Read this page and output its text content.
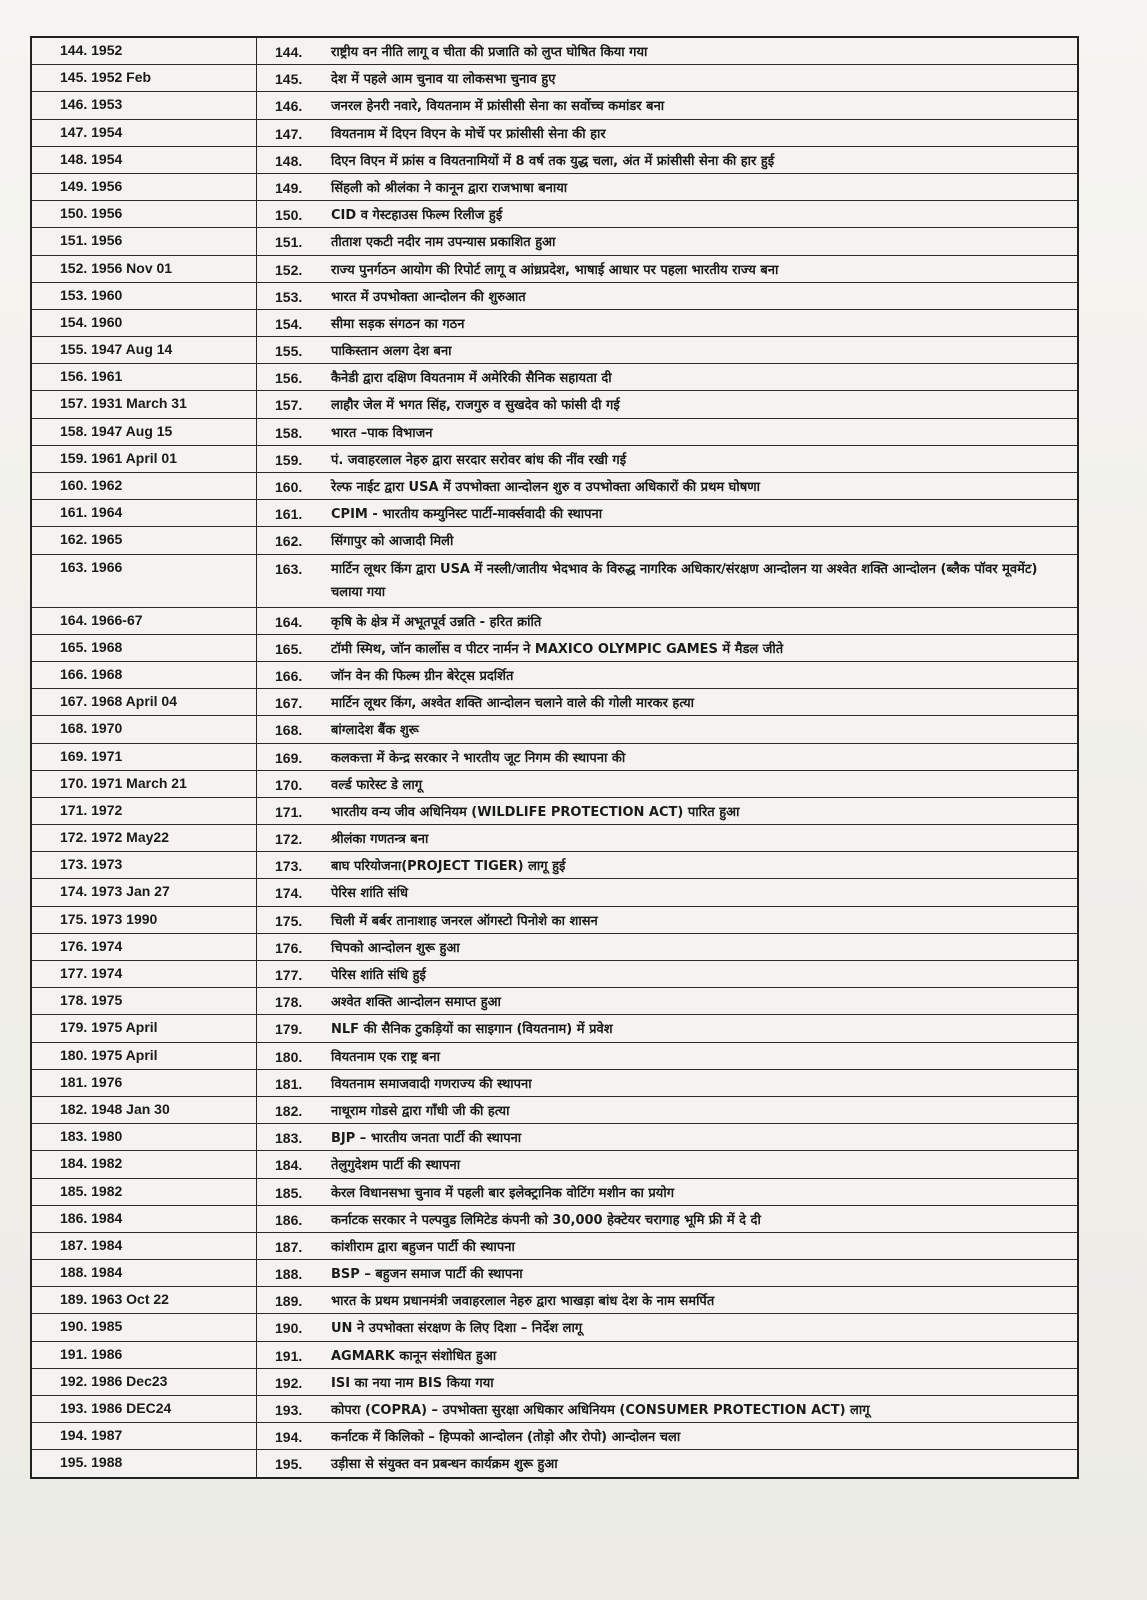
144. 1952	144.	राष्ट्रीय वन नीति लागू व चीता की प्रजाति को लुप्त घोषित किया गया
145. 1952 Feb	145.	देश में पहले आम चुनाव या लोकसभा चुनाव हुए
146. 1953	146.	जनरल हेनरी नवारे, वियतनाम में फ्रांसीसी सेना का सर्वोच्च कमांडर बना
147. 1954	147.	वियतनाम में दिएन विएन के मोर्चे पर फ्रांसीसी सेना की हार
148. 1954	148.	दिएन विएन में फ्रांस व वियतनामियों में 8 वर्ष तक युद्ध चला, अंत में फ्रांसीसी सेना की हार हुई
149. 1956	149.	सिंहली को श्रीलंका ने कानून द्वारा राजभाषा बनाया
150. 1956	150.	CID व गेस्टहाउस फिल्म रिलीज हुई
151. 1956	151.	तीताश एकटी नदीर नाम उपन्यास प्रकाशित हुआ
152. 1956 Nov 01	152.	राज्य पुनर्गठन आयोग की रिपोर्ट लागू व आंध्रप्रदेश, भाषाई आधार पर पहला भारतीय राज्य बना
153. 1960	153.	भारत में उपभोक्ता आन्दोलन की शुरुआत
154. 1960	154.	सीमा सड़क संगठन का गठन
155. 1947 Aug 14	155.	पाकिस्तान अलग देश बना
156. 1961	156.	कैनेडी द्वारा दक्षिण वियतनाम में अमेरिकी सैनिक सहायता दी
157. 1931 March 31	157.	लाहौर जेल में भगत सिंह, राजगुरु व सुखदेव को फांसी दी गई
158. 1947 Aug 15	158.	भारत –पाक विभाजन
159. 1961 April 01	159.	पं. जवाहरलाल नेहरु द्वारा सरदार सरोवर बांध की नींव रखी गई
160. 1962	160.	रेल्फ नाईट द्वारा USA में उपभोक्ता आन्दोलन शुरु व उपभोक्ता अधिकारों की प्रथम घोषणा
161. 1964	161.	CPIM - भारतीय कम्युनिस्ट पार्टी-मार्क्सवादी की स्थापना
162. 1965	162.	सिंगापुर को आजादी मिली
163. 1966	163.	मार्टिन लूथर किंग द्वारा USA में नस्ली/जातीय भेदभाव के विरुद्ध नागरिक अधिकार/संरक्षण आन्दोलन या अश्वेत शक्ति आन्दोलन (ब्लैक पॉवर मूवमेंट) चलाया गया
164. 1966-67	164.	कृषि के क्षेत्र में अभूतपूर्व उन्नति - हरित क्रांति
165. 1968	165.	टॉमी स्मिथ, जॉन कार्लोस व पीटर नार्मन ने MAXICO OLYMPIC GAMES में मैडल जीते
166. 1968	166.	जॉन वेन की फिल्म ग्रीन बेरेट्स प्रदर्शित
167. 1968 April 04	167.	मार्टिन लूथर किंग, अश्वेत शक्ति आन्दोलन चलाने वाले की गोली मारकर हत्या
168. 1970	168.	बांग्लादेश बैंक शुरू
169. 1971	169.	कलकत्ता में केन्द्र सरकार ने भारतीय जूट निगम की स्थापना की
170. 1971 March 21	170.	वर्ल्ड फारेस्ट डे लागू
171. 1972	171.	भारतीय वन्य जीव अधिनियम (WILDLIFE PROTECTION ACT) पारित हुआ
172. 1972 May22	172.	श्रीलंका गणतन्त्र बना
173. 1973	173.	बाघ परियोजना(PROJECT TIGER) लागू हुई
174. 1973 Jan 27	174.	पेरिस शांति संधि
175. 1973 1990	175.	चिली में बर्बर तानाशाह जनरल ऑगस्टो पिनोशे का शासन
176. 1974	176.	चिपको आन्दोलन शुरू हुआ
177. 1974	177.	पेरिस शांति संधि हुई
178. 1975	178.	अश्वेत शक्ति आन्दोलन समाप्त हुआ
179. 1975 April	179.	NLF की सैनिक टुकड़ियों का साइगान (वियतनाम) में प्रवेश
180. 1975 April	180.	वियतनाम एक राष्ट्र बना
181. 1976	181.	वियतनाम समाजवादी गणराज्य की स्थापना
182. 1948 Jan 30	182.	नाथूराम गोडसे द्वारा गाँधी जी की हत्या
183. 1980	183.	BJP – भारतीय जनता पार्टी की स्थापना
184. 1982	184.	तेलुगुदेशम पार्टी की स्थापना
185. 1982	185.	केरल विधानसभा चुनाव में पहली बार इलेक्ट्रानिक वोटिंग मशीन का प्रयोग
186. 1984	186.	कर्नाटक सरकार ने पल्पवुड लिमिटेड कंपनी को 30,000 हेक्टेयर चरागाह भूमि फ्री में दे दी
187. 1984	187.	कांशीराम द्वारा बहुजन पार्टी की स्थापना
188. 1984	188.	BSP – बहुजन समाज पार्टी की स्थापना
189. 1963 Oct 22	189.	भारत के प्रथम प्रधानमंत्री जवाहरलाल नेहरु द्वारा भाखड़ा बांध देश के नाम समर्पित
190. 1985	190.	UN ने उपभोक्ता संरक्षण के लिए दिशा – निर्देश लागू
191. 1986	191.	AGMARK कानून संशोधित हुआ
192. 1986 Dec23	192.	ISI का नया नाम BIS किया गया
193. 1986 DEC24	193.	कोपरा (COPRA) – उपभोक्ता सुरक्षा अधिकार अधिनियम (CONSUMER PROTECTION ACT) लागू
194. 1987	194.	कर्नाटक में किलिको – हिप्पको आन्दोलन (तोड़ो और रोपो) आन्दोलन चला
195. 1988	195.	उड़ीसा से संयुक्त वन प्रबन्धन कार्यक्रम शुरू हुआ
